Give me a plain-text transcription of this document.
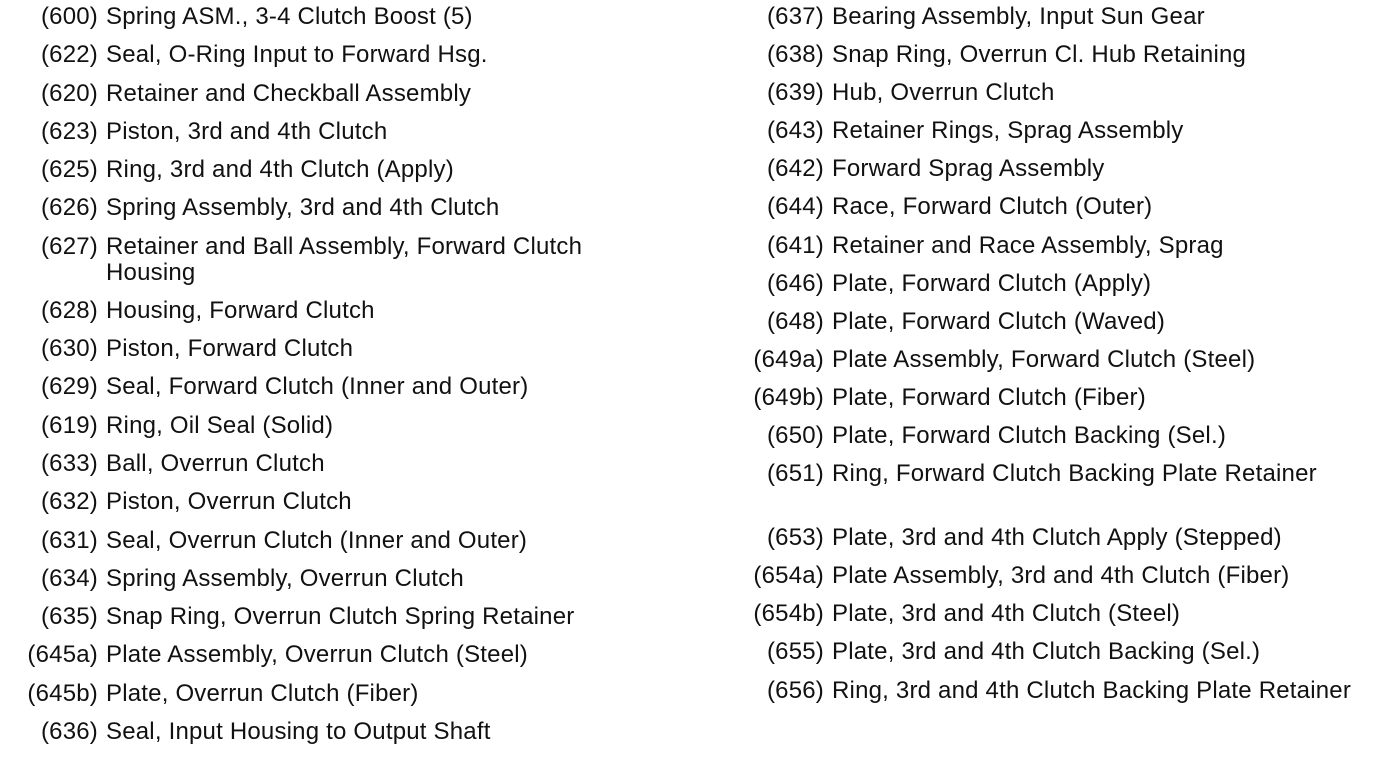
(600) Spring ASM., 3-4 Clutch Boost (5)
(622) Seal, O-Ring Input to Forward Hsg.
(620) Retainer and Checkball Assembly
(623) Piston, 3rd and 4th Clutch
(625) Ring, 3rd and 4th Clutch (Apply)
(626) Spring Assembly, 3rd and 4th Clutch
(627) Retainer and Ball Assembly, Forward Clutch Housing
(628) Housing, Forward Clutch
(630) Piston, Forward Clutch
(629) Seal, Forward Clutch (Inner and Outer)
(619) Ring, Oil Seal (Solid)
(633) Ball, Overrun Clutch
(632) Piston, Overrun Clutch
(631) Seal, Overrun Clutch (Inner and Outer)
(634) Spring Assembly, Overrun Clutch
(635) Snap Ring, Overrun Clutch Spring Retainer
(645a) Plate Assembly, Overrun Clutch (Steel)
(645b) Plate, Overrun Clutch (Fiber)
(636) Seal, Input Housing to Output Shaft
(637) Bearing Assembly, Input Sun Gear
(638) Snap Ring, Overrun Cl. Hub Retaining
(639) Hub, Overrun Clutch
(643) Retainer Rings, Sprag Assembly
(642) Forward Sprag Assembly
(644) Race, Forward Clutch (Outer)
(641) Retainer and Race Assembly, Sprag
(646) Plate, Forward Clutch (Apply)
(648) Plate, Forward Clutch (Waved)
(649a) Plate Assembly, Forward Clutch (Steel)
(649b) Plate, Forward Clutch (Fiber)
(650) Plate, Forward Clutch Backing (Sel.)
(651) Ring, Forward Clutch Backing Plate Retainer
(653) Plate, 3rd and 4th Clutch Apply (Stepped)
(654a) Plate Assembly, 3rd and 4th Clutch (Fiber)
(654b) Plate, 3rd and 4th Clutch (Steel)
(655) Plate, 3rd and 4th Clutch Backing (Sel.)
(656) Ring, 3rd and 4th Clutch Backing Plate Retainer
